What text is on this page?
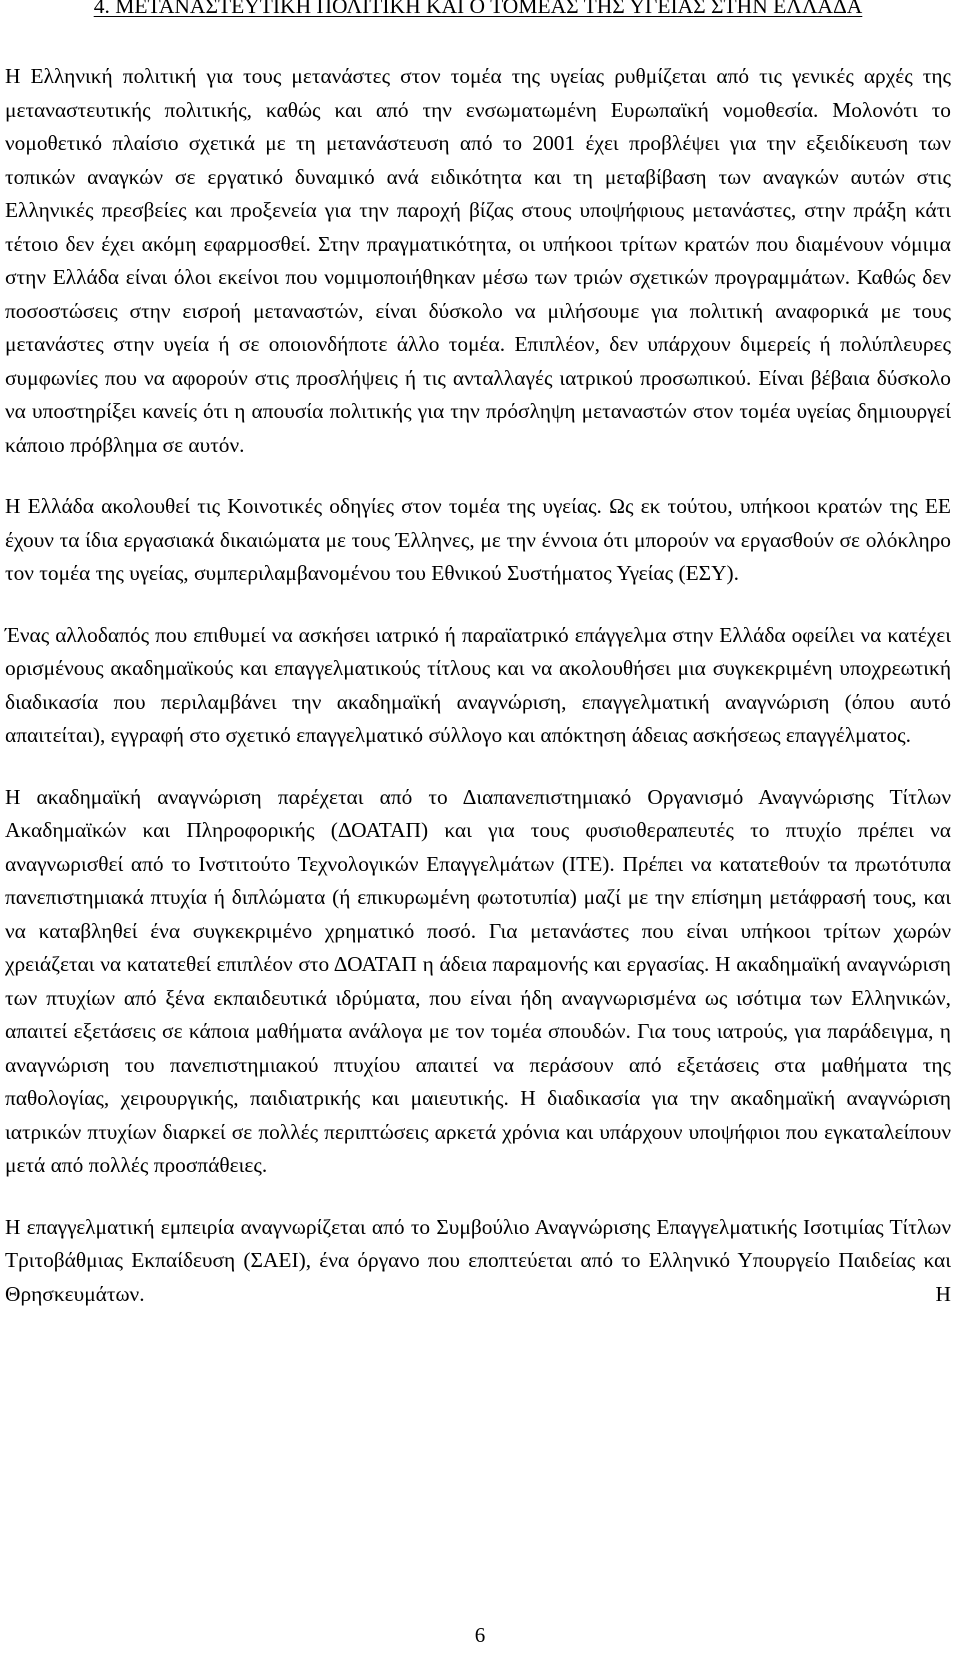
4. ΜΕΤΑΝΑΣΤΕΥΤΙΚΗ ΠΟΛΙΤΙΚΗ ΚΑΙ Ο ΤΟΜΕΑΣ ΤΗΣ ΥΓΕΙΑΣ ΣΤΗΝ ΕΛΛΑΔΑ

Η Ελληνική πολιτική για τους μετανάστες στον τομέα της υγείας ρυθμίζεται από τις γενικές αρχές της μεταναστευτικής πολιτικής, καθώς και από την ενσωματωμένη Ευρωπαϊκή νομοθεσία. Μολονότι το νομοθετικό πλαίσιο σχετικά με τη μετανάστευση από το 2001 έχει προβλέψει για την εξειδίκευση των τοπικών αναγκών σε εργατικό δυναμικό ανά ειδικότητα και τη μεταβίβαση των αναγκών αυτών στις Ελληνικές πρεσβείες και προξενεία για την παροχή βίζας στους υποψήφιους μετανάστες, στην πράξη κάτι τέτοιο δεν έχει ακόμη εφαρμοσθεί. Στην πραγματικότητα, οι υπήκοοι τρίτων κρατών που διαμένουν νόμιμα στην Ελλάδα είναι όλοι εκείνοι που νομιμοποιήθηκαν μέσω των τριών σχετικών προγραμμάτων. Καθώς δεν ποσοστώσεις στην εισροή μεταναστών, είναι δύσκολο να μιλήσουμε για πολιτική αναφορικά με τους μετανάστες στην υγεία ή σε οποιονδήποτε άλλο τομέα. Επιπλέον, δεν υπάρχουν διμερείς ή πολύπλευρες συμφωνίες που να αφορούν στις προσλήψεις ή τις ανταλλαγές ιατρικού προσωπικού. Είναι βέβαια δύσκολο να υποστηρίξει κανείς ότι η απουσία πολιτικής για την πρόσληψη μεταναστών στον τομέα υγείας δημιουργεί κάποιο πρόβλημα σε αυτόν.

Η Ελλάδα ακολουθεί τις Κοινοτικές οδηγίες στον τομέα της υγείας. Ως εκ τούτου, υπήκοοι κρατών της ΕΕ έχουν τα ίδια εργασιακά δικαιώματα με τους Έλληνες, με την έννοια ότι μπορούν να εργασθούν σε ολόκληρο τον τομέα της υγείας, συμπεριλαμβανομένου του Εθνικού Συστήματος Υγείας (ΕΣΥ).

Ένας αλλοδαπός που επιθυμεί να ασκήσει ιατρικό ή παραϊατρικό επάγγελμα στην Ελλάδα οφείλει να κατέχει ορισμένους ακαδημαϊκούς και επαγγελματικούς τίτλους και να ακολουθήσει μια συγκεκριμένη υποχρεωτική διαδικασία που περιλαμβάνει την ακαδημαϊκή αναγνώριση, επαγγελματική αναγνώριση (όπου αυτό απαιτείται), εγγραφή στο σχετικό επαγγελματικό σύλλογο και απόκτηση άδειας ασκήσεως επαγγέλματος.

Η ακαδημαϊκή αναγνώριση παρέχεται από το Διαπανεπιστημιακό Οργανισμό Αναγνώρισης Τίτλων Ακαδημαϊκών και Πληροφορικής (ΔΟΑΤΑΠ) και για τους φυσιοθεραπευτές το πτυχίο πρέπει να αναγνωρισθεί από το Ινστιτούτο Τεχνολογικών Επαγγελμάτων (ΙΤΕ). Πρέπει να κατατεθούν τα πρωτότυπα πανεπιστημιακά πτυχία ή διπλώματα (ή επικυρωμένη φωτοτυπία) μαζί με την επίσημη μετάφρασή τους, και να καταβληθεί ένα συγκεκριμένο χρηματικό ποσό. Για μετανάστες που είναι υπήκοοι τρίτων χωρών χρειάζεται να κατατεθεί επιπλέον στο ΔΟΑΤΑΠ η άδεια παραμονής και εργασίας. Η ακαδημαϊκή αναγνώριση των πτυχίων από ξένα εκπαιδευτικά ιδρύματα, που είναι ήδη αναγνωρισμένα ως ισότιμα των Ελληνικών, απαιτεί εξετάσεις σε κάποια μαθήματα ανάλογα με τον τομέα σπουδών. Για τους ιατρούς, για παράδειγμα, η αναγνώριση του πανεπιστημιακού πτυχίου απαιτεί να περάσουν από εξετάσεις στα μαθήματα της παθολογίας, χειρουργικής, παιδιατρικής και μαιευτικής. Η διαδικασία για την ακαδημαϊκή αναγνώριση ιατρικών πτυχίων διαρκεί σε πολλές περιπτώσεις αρκετά χρόνια και υπάρχουν υποψήφιοι που εγκαταλείπουν μετά από πολλές προσπάθειες.

Η επαγγελματική εμπειρία αναγνωρίζεται από το Συμβούλιο Αναγνώρισης Επαγγελματικής Ισοτιμίας Τίτλων Τριτοβάθμιας Εκπαίδευση (ΣΑΕΙ), ένα όργανο που εποπτεύεται από το Ελληνικό Υπουργείο Παιδείας και Θρησκευμάτων. Η

6
